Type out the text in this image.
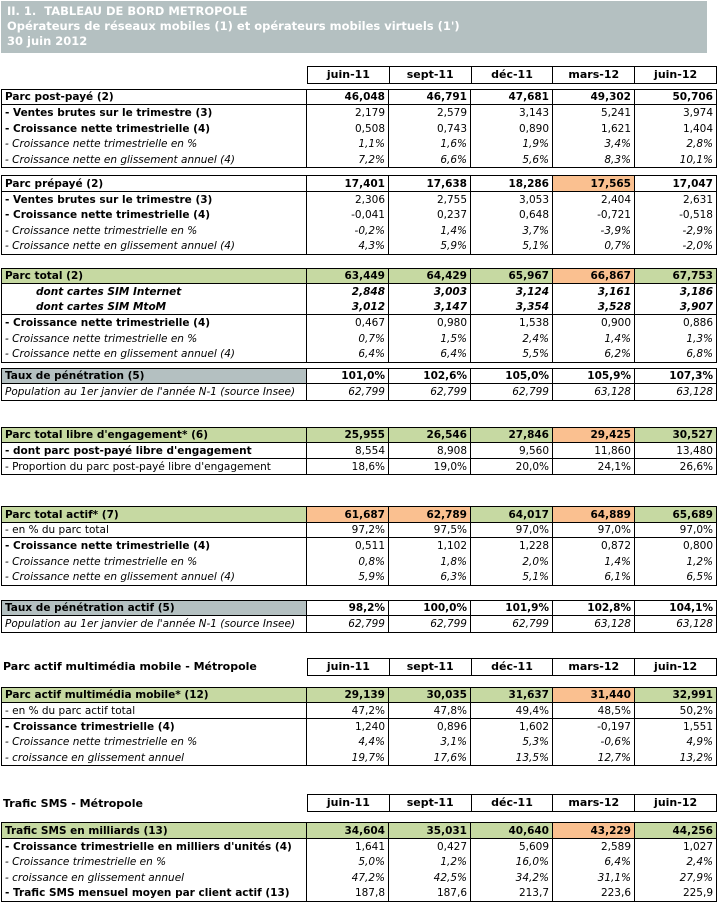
II. 1.  TABLEAU DE BORD METROPOLE
Opérateurs de réseaux mobiles (1) et opérateurs mobiles virtuels (1')
30 juin 2012
juin-11	sept-11	déc-11	mars-12	juin-12
Parc post-payé (2)	46,048	46,791	47,681	49,302	50,706
- Ventes brutes sur le trimestre (3)	2,179	2,579	3,143	5,241	3,974
- Croissance nette trimestrielle (4)	0,508	0,743	0,890	1,621	1,404
- Croissance nette trimestrielle en %	1,1%	1,6%	1,9%	3,4%	2,8%
- Croissance nette en glissement annuel (4)	7,2%	6,6%	5,6%	8,3%	10,1%
Parc prépayé (2)	17,401	17,638	18,286	17,565	17,047
- Ventes brutes sur le trimestre (3)	2,306	2,755	3,053	2,404	2,631
- Croissance nette trimestrielle (4)	-0,041	0,237	0,648	-0,721	-0,518
- Croissance nette trimestrielle en %	-0,2%	1,4%	3,7%	-3,9%	-2,9%
- Croissance nette en glissement annuel (4)	4,3%	5,9%	5,1%	0,7%	-2,0%
Parc total (2)	63,449	64,429	65,967	66,867	67,753
dont cartes SIM Internet	2,848	3,003	3,124	3,161	3,186
dont cartes SIM MtoM	3,012	3,147	3,354	3,528	3,907
- Croissance nette trimestrielle (4)	0,467	0,980	1,538	0,900	0,886
- Croissance nette trimestrielle en %	0,7%	1,5%	2,4%	1,4%	1,3%
- Croissance nette en glissement annuel (4)	6,4%	6,4%	5,5%	6,2%	6,8%
Taux de pénétration (5)	101,0%	102,6%	105,0%	105,9%	107,3%
Population au 1er janvier de l'année N-1 (source Insee)	62,799	62,799	62,799	63,128	63,128
Parc total libre d'engagement* (6)	25,955	26,546	27,846	29,425	30,527
- dont parc post-payé libre d'engagement	8,554	8,908	9,560	11,860	13,480
- Proportion du parc post-payé libre d'engagement	18,6%	19,0%	20,0%	24,1%	26,6%
Parc total actif* (7)	61,687	62,789	64,017	64,889	65,689
- en % du parc total	97,2%	97,5%	97,0%	97,0%	97,0%
- Croissance nette trimestrielle (4)	0,511	1,102	1,228	0,872	0,800
- Croissance nette trimestrielle en %	0,8%	1,8%	2,0%	1,4%	1,2%
- Croissance nette en glissement annuel (4)	5,9%	6,3%	5,1%	6,1%	6,5%
Taux de pénétration actif (5)	98,2%	100,0%	101,9%	102,8%	104,1%
Population au 1er janvier de l'année N-1 (source Insee)	62,799	62,799	62,799	63,128	63,128
Parc actif multimédia mobile - Métropole	juin-11	sept-11	déc-11	mars-12	juin-12
Parc actif multimédia mobile* (12)	29,139	30,035	31,637	31,440	32,991
- en % du parc actif total	47,2%	47,8%	49,4%	48,5%	50,2%
- Croissance trimestrielle (4)	1,240	0,896	1,602	-0,197	1,551
- Croissance nette trimestrielle en %	4,4%	3,1%	5,3%	-0,6%	4,9%
- croissance en glissement annuel	19,7%	17,6%	13,5%	12,7%	13,2%
Trafic SMS - Métropole	juin-11	sept-11	déc-11	mars-12	juin-12
Trafic SMS en milliards (13)	34,604	35,031	40,640	43,229	44,256
- Croissance trimestrielle en milliers d'unités (4)	1,641	0,427	5,609	2,589	1,027
- Croissance trimestrielle en %	5,0%	1,2%	16,0%	6,4%	2,4%
- croissance en glissement annuel	47,2%	42,5%	34,2%	31,1%	27,9%
- Trafic SMS mensuel moyen par client actif (13)	187,8	187,6	213,7	223,6	225,9
